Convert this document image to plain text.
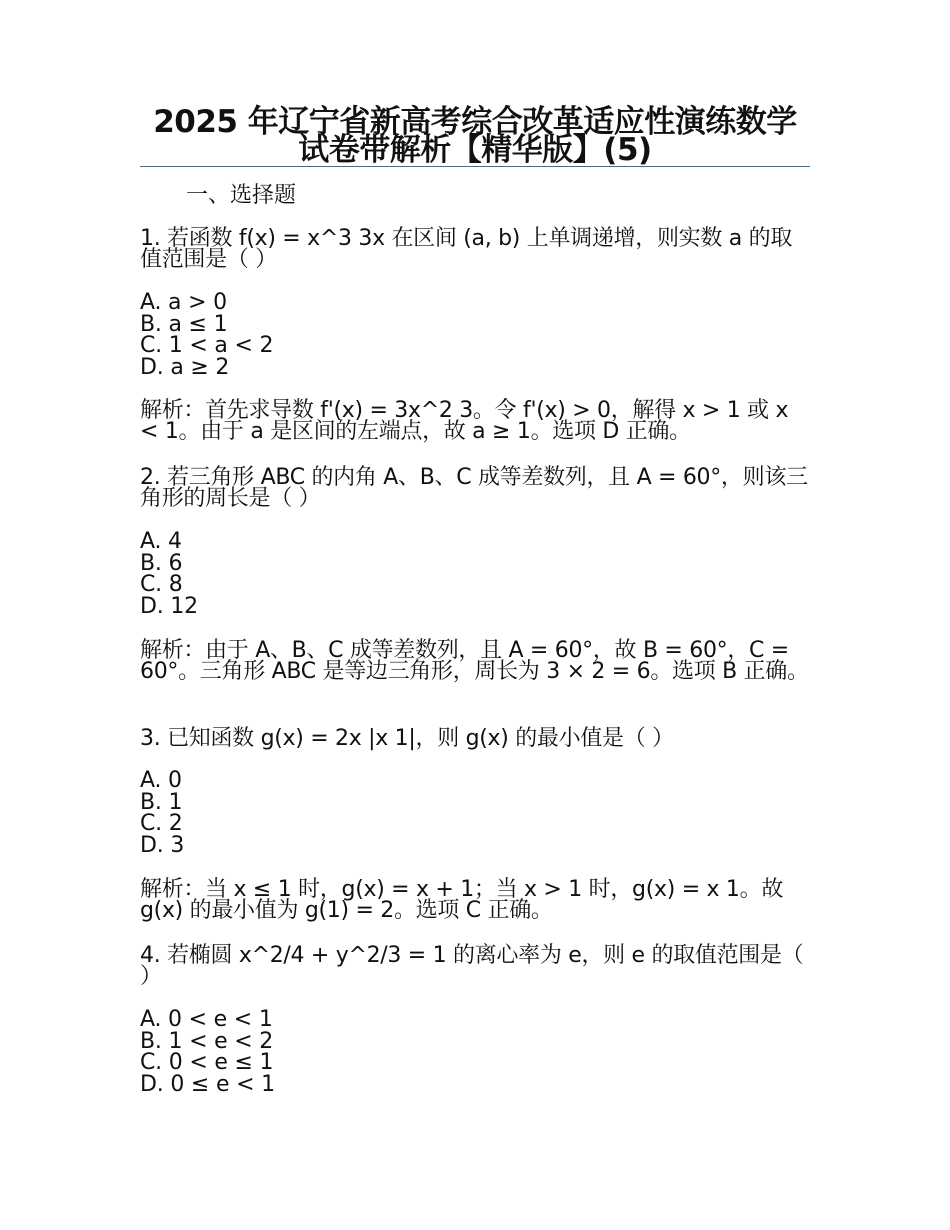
2025 年辽宁省新高考综合改革适应性演练数学试卷带解析【精华版】(5)
一、选择题

1. 若函数 f(x) = x^3 3x 在区间 (a, b) 上单调递增，则实数 a 的取值范围是（ ）

A. a > 0
B. a ≤ 1
C. 1 < a < 2
D. a ≥ 2

解析：首先求导数 f'(x) = 3x^2 3。令 f'(x) > 0，解得 x > 1 或 x < 1。由于 a 是区间的左端点，故 a ≥ 1。选项 D 正确。

2. 若三角形 ABC 的内角 A、B、C 成等差数列，且 A = 60°，则该三角形的周长是（ ）

A. 4
B. 6
C. 8
D. 12

解析：由于 A、B、C 成等差数列，且 A = 60°，故 B = 60°，C = 60°。三角形 ABC 是等边三角形，周长为 3 × 2 = 6。选项 B 正确。

3. 已知函数 g(x) = 2x |x 1|，则 g(x) 的最小值是（ ）

A. 0
B. 1
C. 2
D. 3

解析：当 x ≤ 1 时，g(x) = x + 1；当 x > 1 时，g(x) = x 1。故 g(x) 的最小值为 g(1) = 2。选项 C 正确。

4. 若椭圆 x^2/4 + y^2/3 = 1 的离心率为 e，则 e 的取值范围是（ ）

A. 0 < e < 1
B. 1 < e < 2
C. 0 < e ≤ 1
D. 0 ≤ e < 1
